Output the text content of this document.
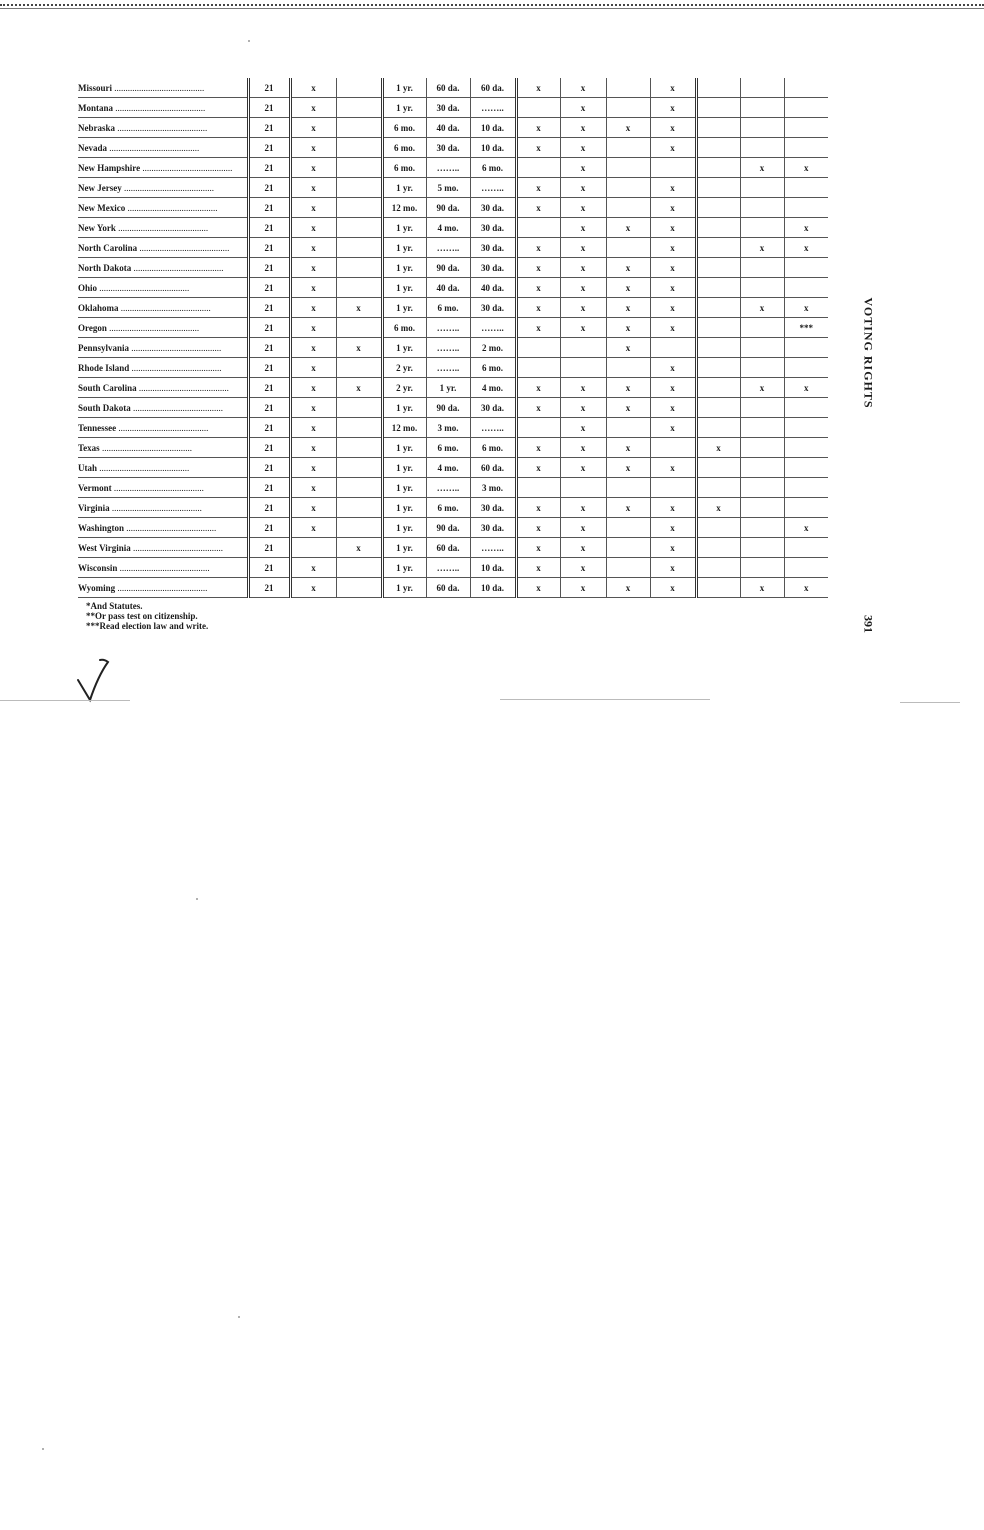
Missouri ........................................	21	x		1 yr.	60 da.	60 da.	x	x		x			
Montana ........................................	21	x		1 yr.	30 da.	……..		x		x			
Nebraska ........................................	21	x		6 mo.	40 da.	10 da.	x	x	x	x			
Nevada ........................................	21	x		6 mo.	30 da.	10 da.	x	x		x			
New Hampshire ........................................	21	x		6 mo.	……..	6 mo.		x				x	x
New Jersey ........................................	21	x		1 yr.	5 mo.	……..	x	x		x			
New Mexico ........................................	21	x		12 mo.	90 da.	30 da.	x	x		x			
New York ........................................	21	x		1 yr.	4 mo.	30 da.		x	x	x			x
North Carolina ........................................	21	x		1 yr.	……..	30 da.	x	x		x		x	x
North Dakota ........................................	21	x		1 yr.	90 da.	30 da.	x	x	x	x			
Ohio ........................................	21	x		1 yr.	40 da.	40 da.	x	x	x	x			
Oklahoma ........................................	21	x	x	1 yr.	6 mo.	30 da.	x	x	x	x		x	x
Oregon ........................................	21	x		6 mo.	……..	……..	x	x	x	x			***
Pennsylvania ........................................	21	x	x	1 yr.	……..	2 mo.			x				
Rhode Island ........................................	21	x		2 yr.	……..	6 mo.				x			
South Carolina ........................................	21	x	x	2 yr.	1 yr.	4 mo.	x	x	x	x		x	x
South Dakota ........................................	21	x		1 yr.	90 da.	30 da.	x	x	x	x			
Tennessee ........................................	21	x		12 mo.	3 mo.	……..		x		x			
Texas ........................................	21	x		1 yr.	6 mo.	6 mo.	x	x	x		x		
Utah ........................................	21	x		1 yr.	4 mo.	60 da.	x	x	x	x			
Vermont ........................................	21	x		1 yr.	……..	3 mo.							
Virginia ........................................	21	x		1 yr.	6 mo.	30 da.	x	x	x	x	x		
Washington ........................................	21	x		1 yr.	90 da.	30 da.	x	x		x			x
West Virginia ........................................	21		x	1 yr.	60 da.	……..	x	x		x			
Wisconsin ........................................	21	x		1 yr.	……..	10 da.	x	x		x			
Wyoming ........................................	21	x		1 yr.	60 da.	10 da.	x	x	x	x		x	x
*And Statutes.
**Or pass test on citizenship.
***Read election law and write.
VOTING RIGHTS
391
